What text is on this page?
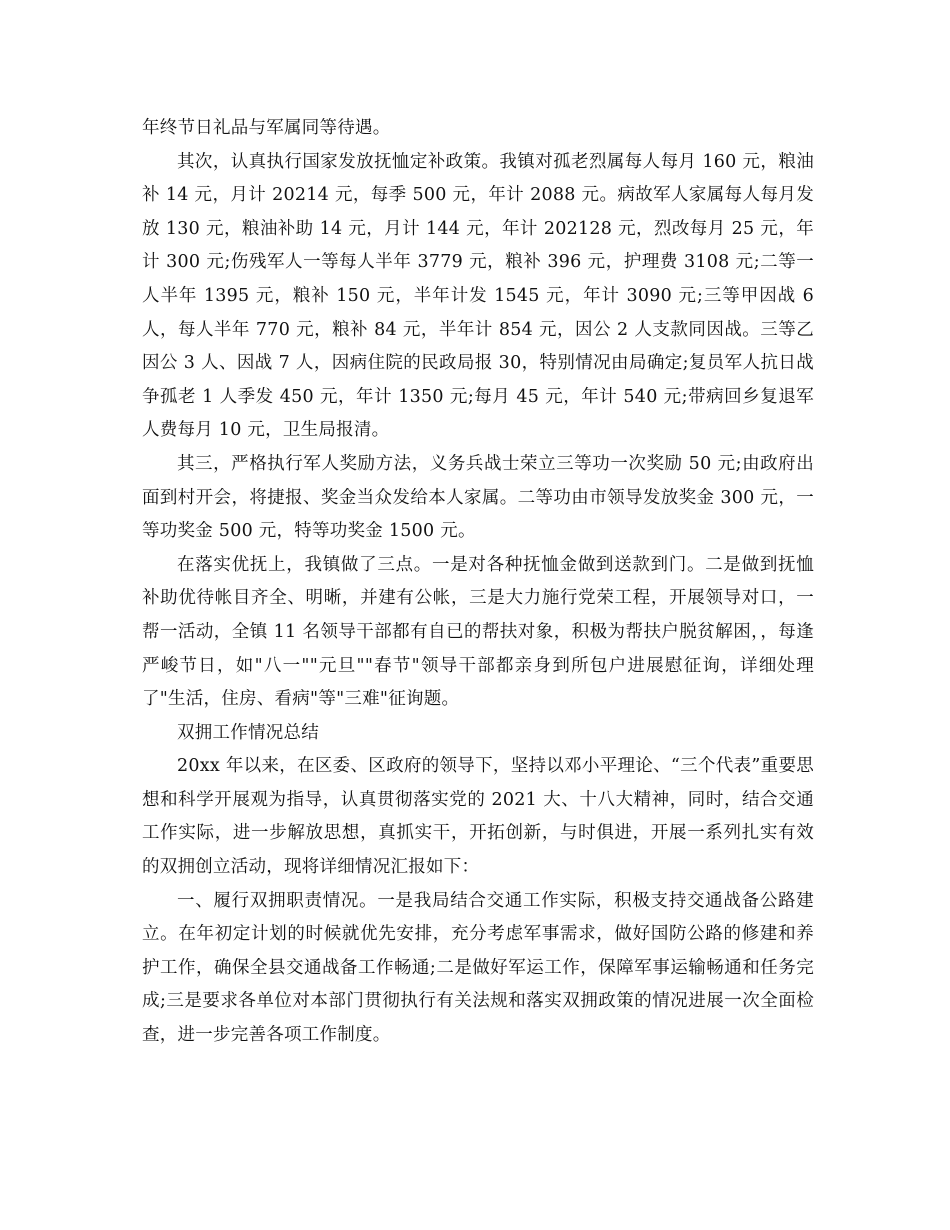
年终节日礼品与军属同等待遇。

其次，认真执行国家发放抚恤定补政策。我镇对孤老烈属每人每月 160 元，粮油补 14 元，月计 20214 元，每季 500 元，年计 2088 元。病故军人家属每人每月发放 130 元，粮油补助 14 元，月计 144 元，年计 202128 元，烈改每月 25 元，年计 300 元;伤残军人一等每人半年 3779 元，粮补 396 元，护理费 3108 元;二等一人半年 1395 元，粮补 150 元，半年计发 1545 元，年计 3090 元;三等甲因战 6 人，每人半年 770 元，粮补 84 元，半年计 854 元，因公 2 人支款同因战。三等乙因公 3 人、因战 7 人，因病住院的民政局报 30，特别情况由局确定;复员军人抗日战争孤老 1 人季发 450 元，年计 1350 元;每月 45 元，年计 540 元;带病回乡复退军人费每月 10 元，卫生局报清。

其三，严格执行军人奖励方法，义务兵战士荣立三等功一次奖励 50 元;由政府出面到村开会，将捷报、奖金当众发给本人家属。二等功由市领导发放奖金 300 元，一等功奖金 500 元，特等功奖金 1500 元。

在落实优抚上，我镇做了三点。一是对各种抚恤金做到送款到门。二是做到抚恤补助优待帐目齐全、明晰，并建有公帐，三是大力施行党荣工程，开展领导对口，一帮一活动，全镇 11 名领导干部都有自已的帮扶对象，积极为帮扶户脱贫解困，，每逢严峻节日，如"八一""元旦""春节"领导干部都亲身到所包户进展慰征询，详细处理了"生活，住房、看病"等"三难"征询题。

双拥工作情况总结

20xx 年以来，在区委、区政府的领导下，坚持以邓小平理论、“三个代表”重要思想和科学开展观为指导，认真贯彻落实党的 2021 大、十八大精神，同时，结合交通工作实际，进一步解放思想，真抓实干，开拓创新，与时俱进，开展一系列扎实有效的双拥创立活动，现将详细情况汇报如下：

一、履行双拥职责情况。一是我局结合交通工作实际，积极支持交通战备公路建立。在年初定计划的时候就优先安排，充分考虑军事需求，做好国防公路的修建和养护工作，确保全县交通战备工作畅通;二是做好军运工作，保障军事运输畅通和任务完成;三是要求各单位对本部门贯彻执行有关法规和落实双拥政策的情况进展一次全面检查，进一步完善各项工作制度。
